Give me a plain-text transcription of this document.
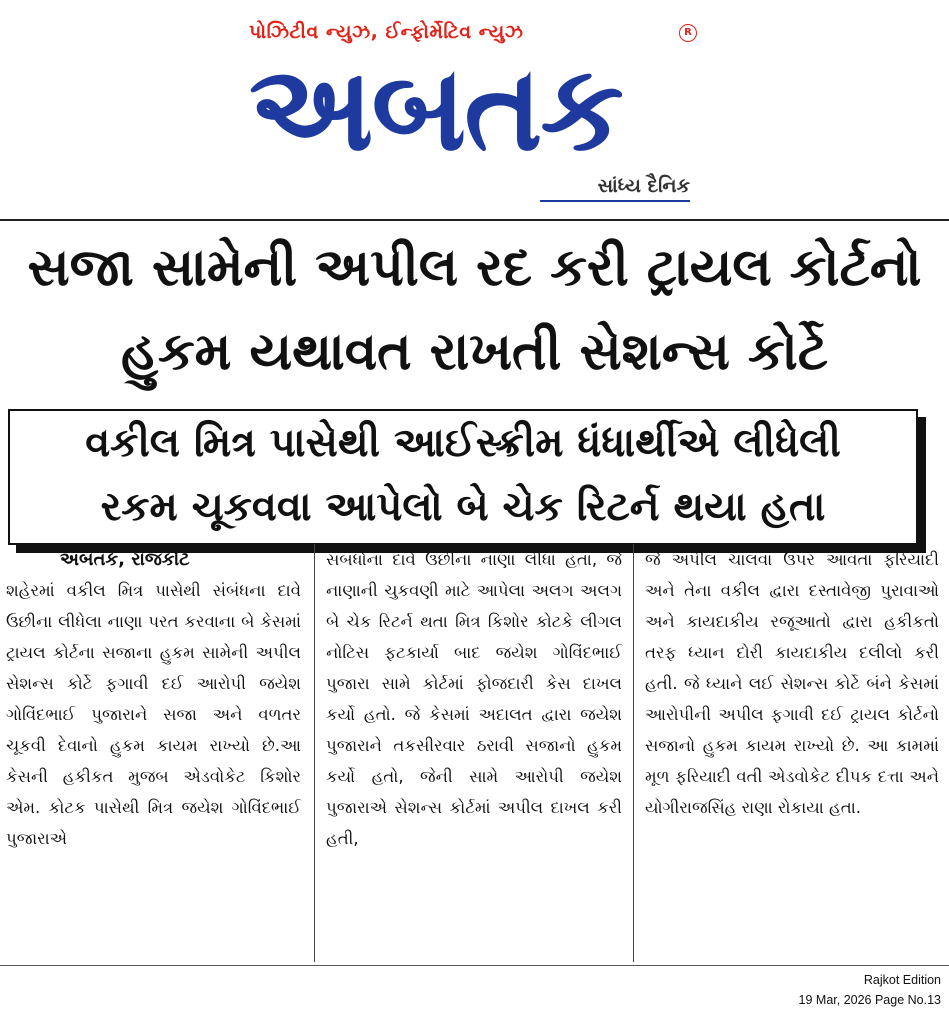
પોઝિટીવ ન્યુઝ, ઈન્ફોર્મેટિવ ન્યુઝ	R
અબતક
સાંધ્ય દૈનિક
સજા સામેની અપીલ રદ કરી ટ્રાયલ કોર્ટનો
હુકમ યથાવત રાખતી સેશન્સ કોર્ટે
વકીલ મિત્ર પાસેથી આઈસ્ક્રીમ ધંધાર્થીએ લીધેલી
રકમ ચૂકવવા આપેલો બે ચેક રિટર્ન થયા હતા

અબતક, રાજકોટ

શહેરમાં વકીલ મિત્ર પાસેથી સંબંધના દાવે ઉછીના લીધેલા નાણા પરત કરવાના બે કેસમાં ટ્રાયલ કોર્ટના સજાના હુકમ સામેની અપીલ સેશન્સ કોર્ટે ફગાવી દઈ આરોપી જયેશ ગોવિંદભાઈ પુજારાને સજા અને વળતર ચૂકવી દેવાનો હુકમ કાયમ રાખ્યો છે.આ કેસની હકીકત મુજબ એડવોકેટ કિશોર એમ. કોટક પાસેથી મિત્ર જયેશ ગોવિંદભાઈ પુજારાએ

સંબંધોના દાવે ઉછીના નાણા લીધા હતા, જે નાણાની ચુકવણી માટે આપેલા અલગ અલગ બે ચેક રિટર્ન થતા મિત્ર કિશોર કોટકે લીગલ નોટિસ ફટકાર્યા બાદ જયેશ ગોવિંદભાઈ પુજારા સામે કોર્ટમાં ફોજદારી કેસ દાખલ કર્યો હતો. જે કેસમાં અદાલત દ્વારા જયેશ પુજારાને તકસીરવાર ઠરાવી સજાનો હુકમ કર્યો હતો, જેની સામે આરોપી જયેશ પુજારાએ સેશન્સ કોર્ટમાં અપીલ દાખલ કરી હતી,

જે અપીલ ચાલવા ઉપર આવતા ફરિયાદી અને તેના વકીલ દ્વારા દસ્તાવેજી પુરાવાઓ અને કાયદાકીય રજૂઆતો દ્વારા હકીકતો તરફ ધ્યાન દોરી કાયદાકીય દલીલો કરી હતી. જે ધ્યાને લઈ સેશન્સ કોર્ટે બંને કેસમાં આરોપીની અપીલ ફગાવી દઈ ટ્રાયલ કોર્ટનો સજાનો હુકમ કાયમ રાખ્યો છે. આ કામમાં મૂળ ફરિયાદી વતી એડવોકેટ દીપક દત્તા અને યોગીરાજસિંહ રાણા રોકાયા હતા.

Rajkot Edition
19 Mar, 2026 Page No.13
